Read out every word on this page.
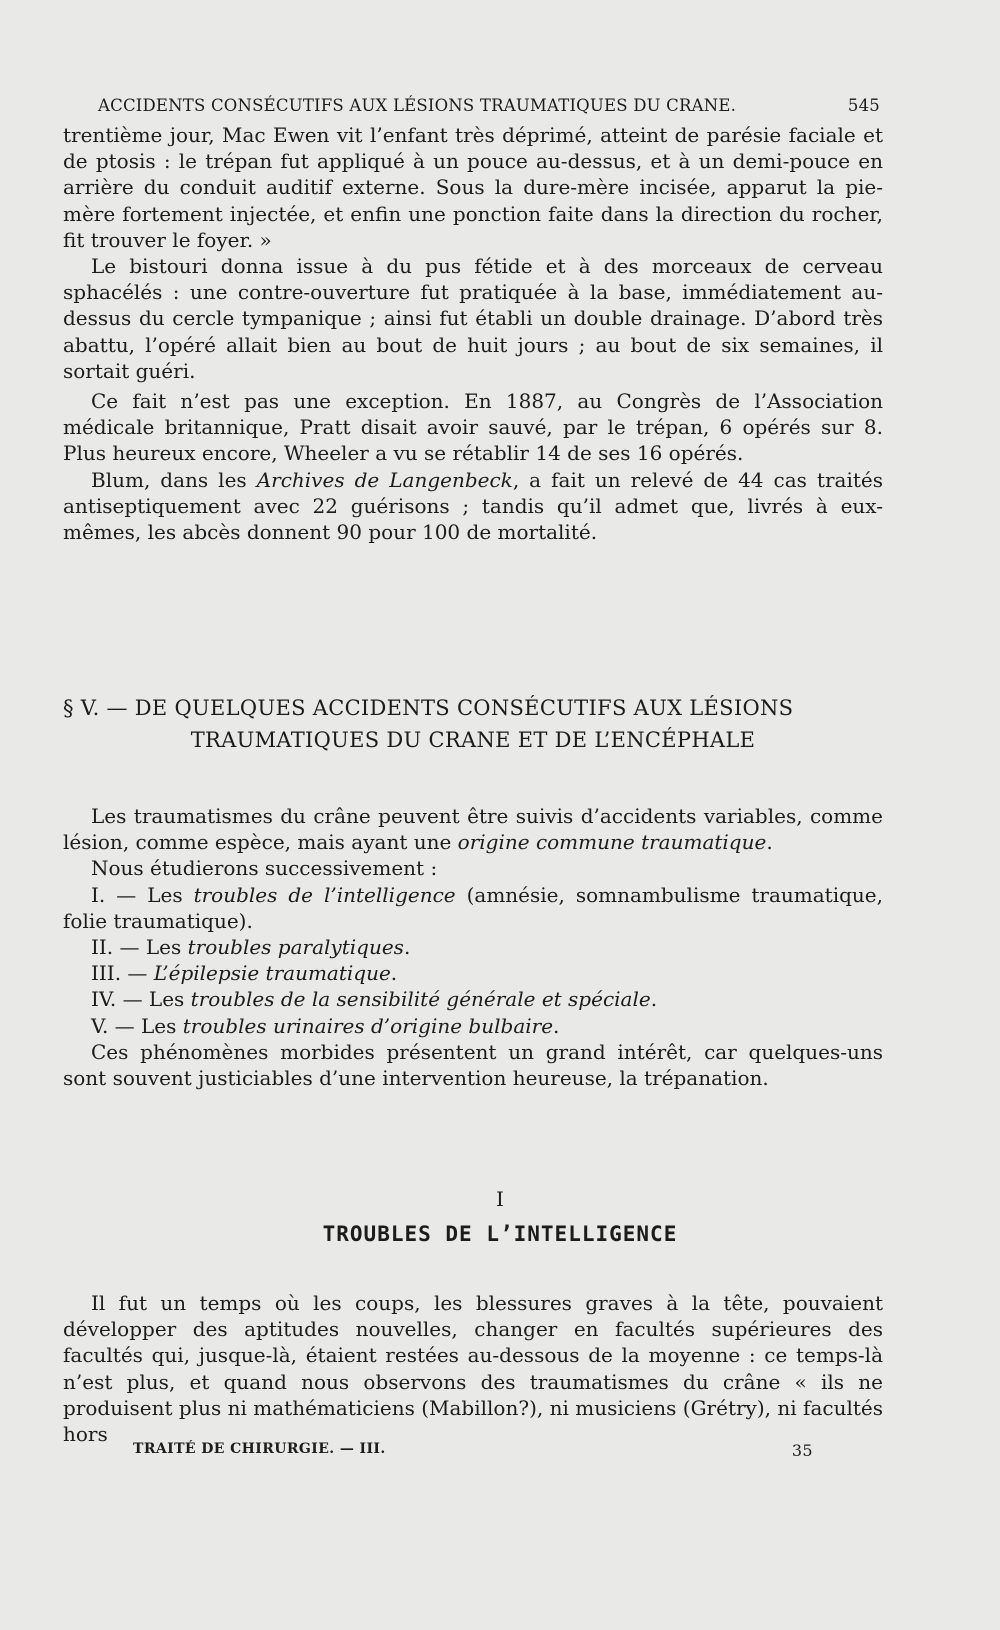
ACCIDENTS CONSÉCUTIFS AUX LÉSIONS TRAUMATIQUES DU CRANE.	545

trentième jour, Mac Ewen vit l’enfant très déprimé, atteint de parésie faciale et de ptosis : le trépan fut appliqué à un pouce au-dessus, et à un demi-pouce en arrière du conduit auditif externe. Sous la dure-mère incisée, apparut la pie-mère fortement injectée, et enfin une ponction faite dans la direction du rocher, fit trouver le foyer. »

Le bistouri donna issue à du pus fétide et à des morceaux de cerveau sphacélés : une contre-ouverture fut pratiquée à la base, immédiatement au-dessus du cercle tympanique ; ainsi fut établi un double drainage. D’abord très abattu, l’opéré allait bien au bout de huit jours ; au bout de six semaines, il sortait guéri.

Ce fait n’est pas une exception. En 1887, au Congrès de l’Association médicale britannique, Pratt disait avoir sauvé, par le trépan, 6 opérés sur 8. Plus heureux encore, Wheeler a vu se rétablir 14 de ses 16 opérés.

Blum, dans les Archives de Langenbeck, a fait un relevé de 44 cas traités antiseptiquement avec 22 guérisons ; tandis qu’il admet que, livrés à eux-mêmes, les abcès donnent 90 pour 100 de mortalité.

§ V. — DE QUELQUES ACCIDENTS CONSÉCUTIFS AUX LÉSIONS
TRAUMATIQUES DU CRANE ET DE L’ENCÉPHALE

Les traumatismes du crâne peuvent être suivis d’accidents variables, comme lésion, comme espèce, mais ayant une origine commune traumatique.

Nous étudierons successivement :

I. — Les troubles de l’intelligence (amnésie, somnambulisme traumatique, folie traumatique).

II. — Les troubles paralytiques.

III. — L’épilepsie traumatique.

IV. — Les troubles de la sensibilité générale et spéciale.

V. — Les troubles urinaires d’origine bulbaire.

Ces phénomènes morbides présentent un grand intérêt, car quelques-uns sont souvent justiciables d’une intervention heureuse, la trépanation.

I
TROUBLES DE L’INTELLIGENCE

Il fut un temps où les coups, les blessures graves à la tête, pouvaient développer des aptitudes nouvelles, changer en facultés supérieures des facultés qui, jusque-là, étaient restées au-dessous de la moyenne : ce temps-là n’est plus, et quand nous observons des traumatismes du crâne « ils ne produisent plus ni mathématiciens (Mabillon?), ni musiciens (Grétry), ni facultés hors

TRAITÉ DE CHIRURGIE. — III.	35
